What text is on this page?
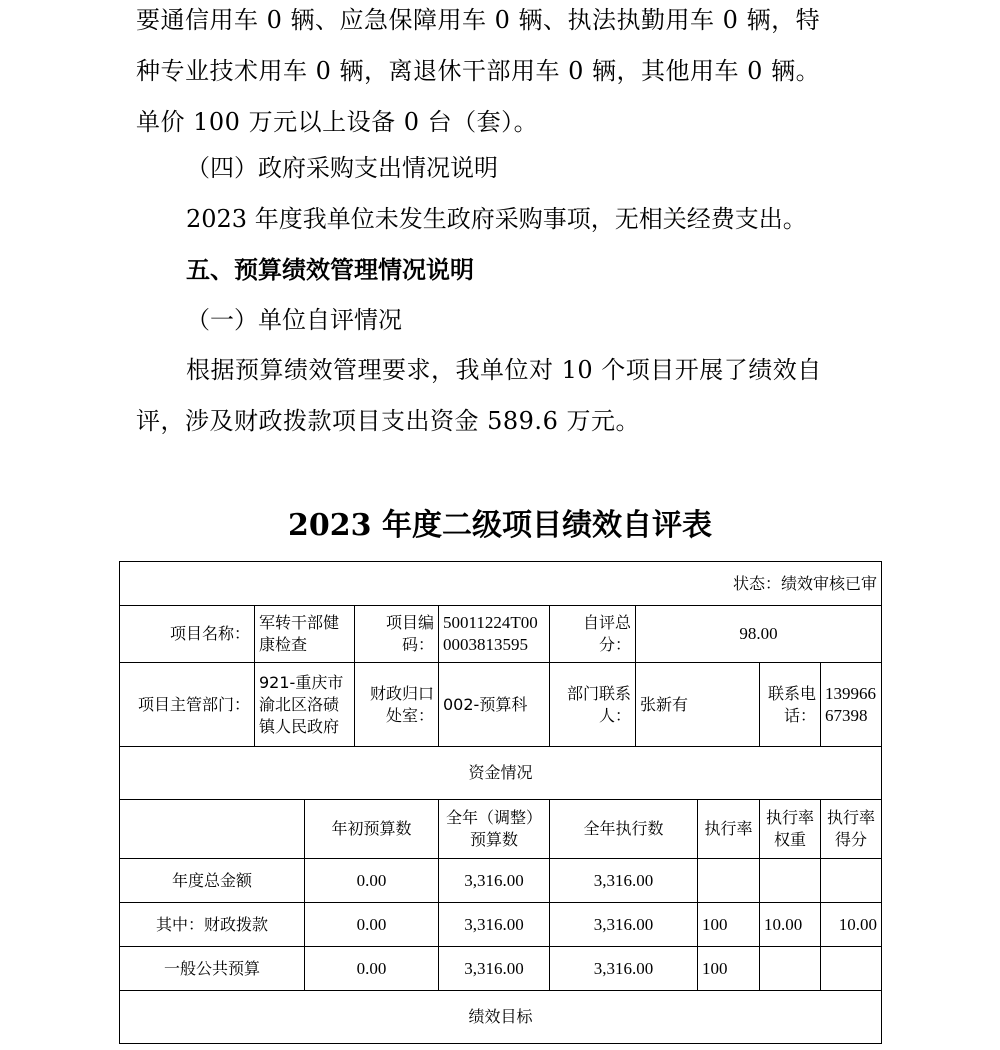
要通信用车 0 辆、应急保障用车 0 辆、执法执勤用车 0 辆，特
种专业技术用车 0 辆，离退休干部用车 0 辆，其他用车 0 辆。
单价 100 万元以上设备 0 台（套）。
（四）政府采购支出情况说明
2023 年度我单位未发生政府采购事项，无相关经费支出。
五、预算绩效管理情况说明
（一）单位自评情况
根据预算绩效管理要求，我单位对 10 个项目开展了绩效自
评，涉及财政拨款项目支出资金 589.6 万元。
2023 年度二级项目绩效自评表
状态：绩效审核已审									
项目名称：	军转干部健康检查		项目编码：	50011224T000003813595	自评总分：	98.00			
项目主管部门：	921-重庆市渝北区洛碛镇人民政府		财政归口处室：	002-预算科	部门联系人：	张新有		联系电话：	13996667398
资金情况									
		年初预算数		全年（调整）预算数	全年执行数		执行率	执行率权重	执行率得分
年度总金额		0.00		3,316.00	3,316.00				
其中：财政拨款		0.00		3,316.00	3,316.00		100	10.00	10.00
一般公共预算		0.00		3,316.00	3,316.00		100		
绩效目标									
